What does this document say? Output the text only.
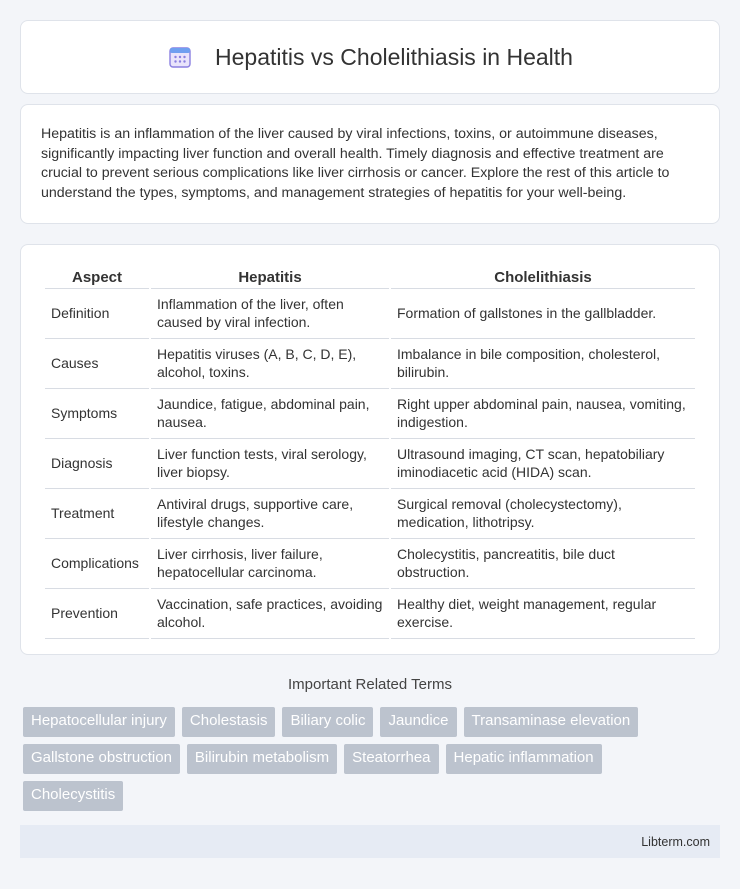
Hepatitis vs Cholelithiasis in Health

Hepatitis is an inflammation of the liver caused by viral infections, toxins, or autoimmune diseases, significantly impacting liver function and overall health. Timely diagnosis and effective treatment are crucial to prevent serious complications like liver cirrhosis or cancer. Explore the rest of this article to understand the types, symptoms, and management strategies of hepatitis for your well-being.

Aspect	Hepatitis	Cholelithiasis
Definition	Inflammation of the liver, often caused by viral infection.	Formation of gallstones in the gallbladder.
Causes	Hepatitis viruses (A, B, C, D, E), alcohol, toxins.	Imbalance in bile composition, cholesterol, bilirubin.
Symptoms	Jaundice, fatigue, abdominal pain, nausea.	Right upper abdominal pain, nausea, vomiting, indigestion.
Diagnosis	Liver function tests, viral serology, liver biopsy.	Ultrasound imaging, CT scan, hepatobiliary iminodiacetic acid (HIDA) scan.
Treatment	Antiviral drugs, supportive care, lifestyle changes.	Surgical removal (cholecystectomy), medication, lithotripsy.
Complications	Liver cirrhosis, liver failure, hepatocellular carcinoma.	Cholecystitis, pancreatitis, bile duct obstruction.
Prevention	Vaccination, safe practices, avoiding alcohol.	Healthy diet, weight management, regular exercise.
Important Related Terms
Hepatocellular injury	Cholestasis	Biliary colic	Jaundice	Transaminase elevation
Gallstone obstruction	Bilirubin metabolism	Steatorrhea	Hepatic inflammation
Cholecystitis
Libterm.com
